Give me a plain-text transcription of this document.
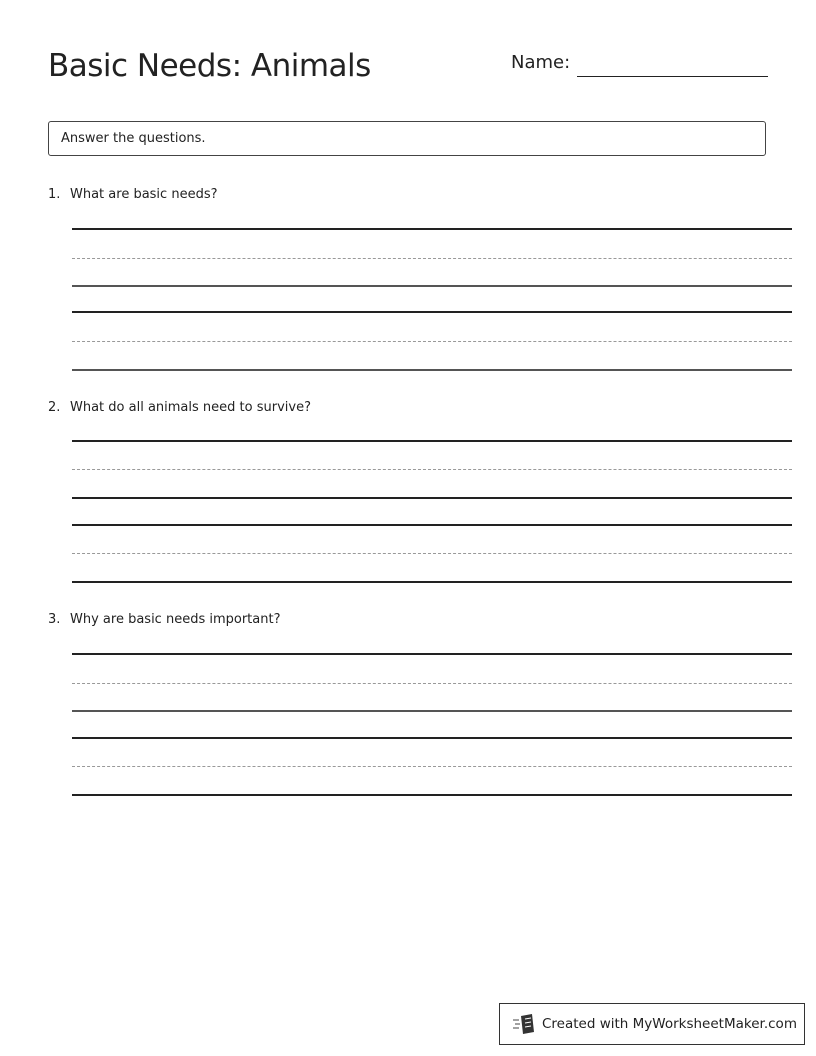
Basic Needs: Animals	Name:
Answer the questions.
1. What are basic needs?
2. What do all animals need to survive?
3. Why are basic needs important?
Created with MyWorksheetMaker.com
